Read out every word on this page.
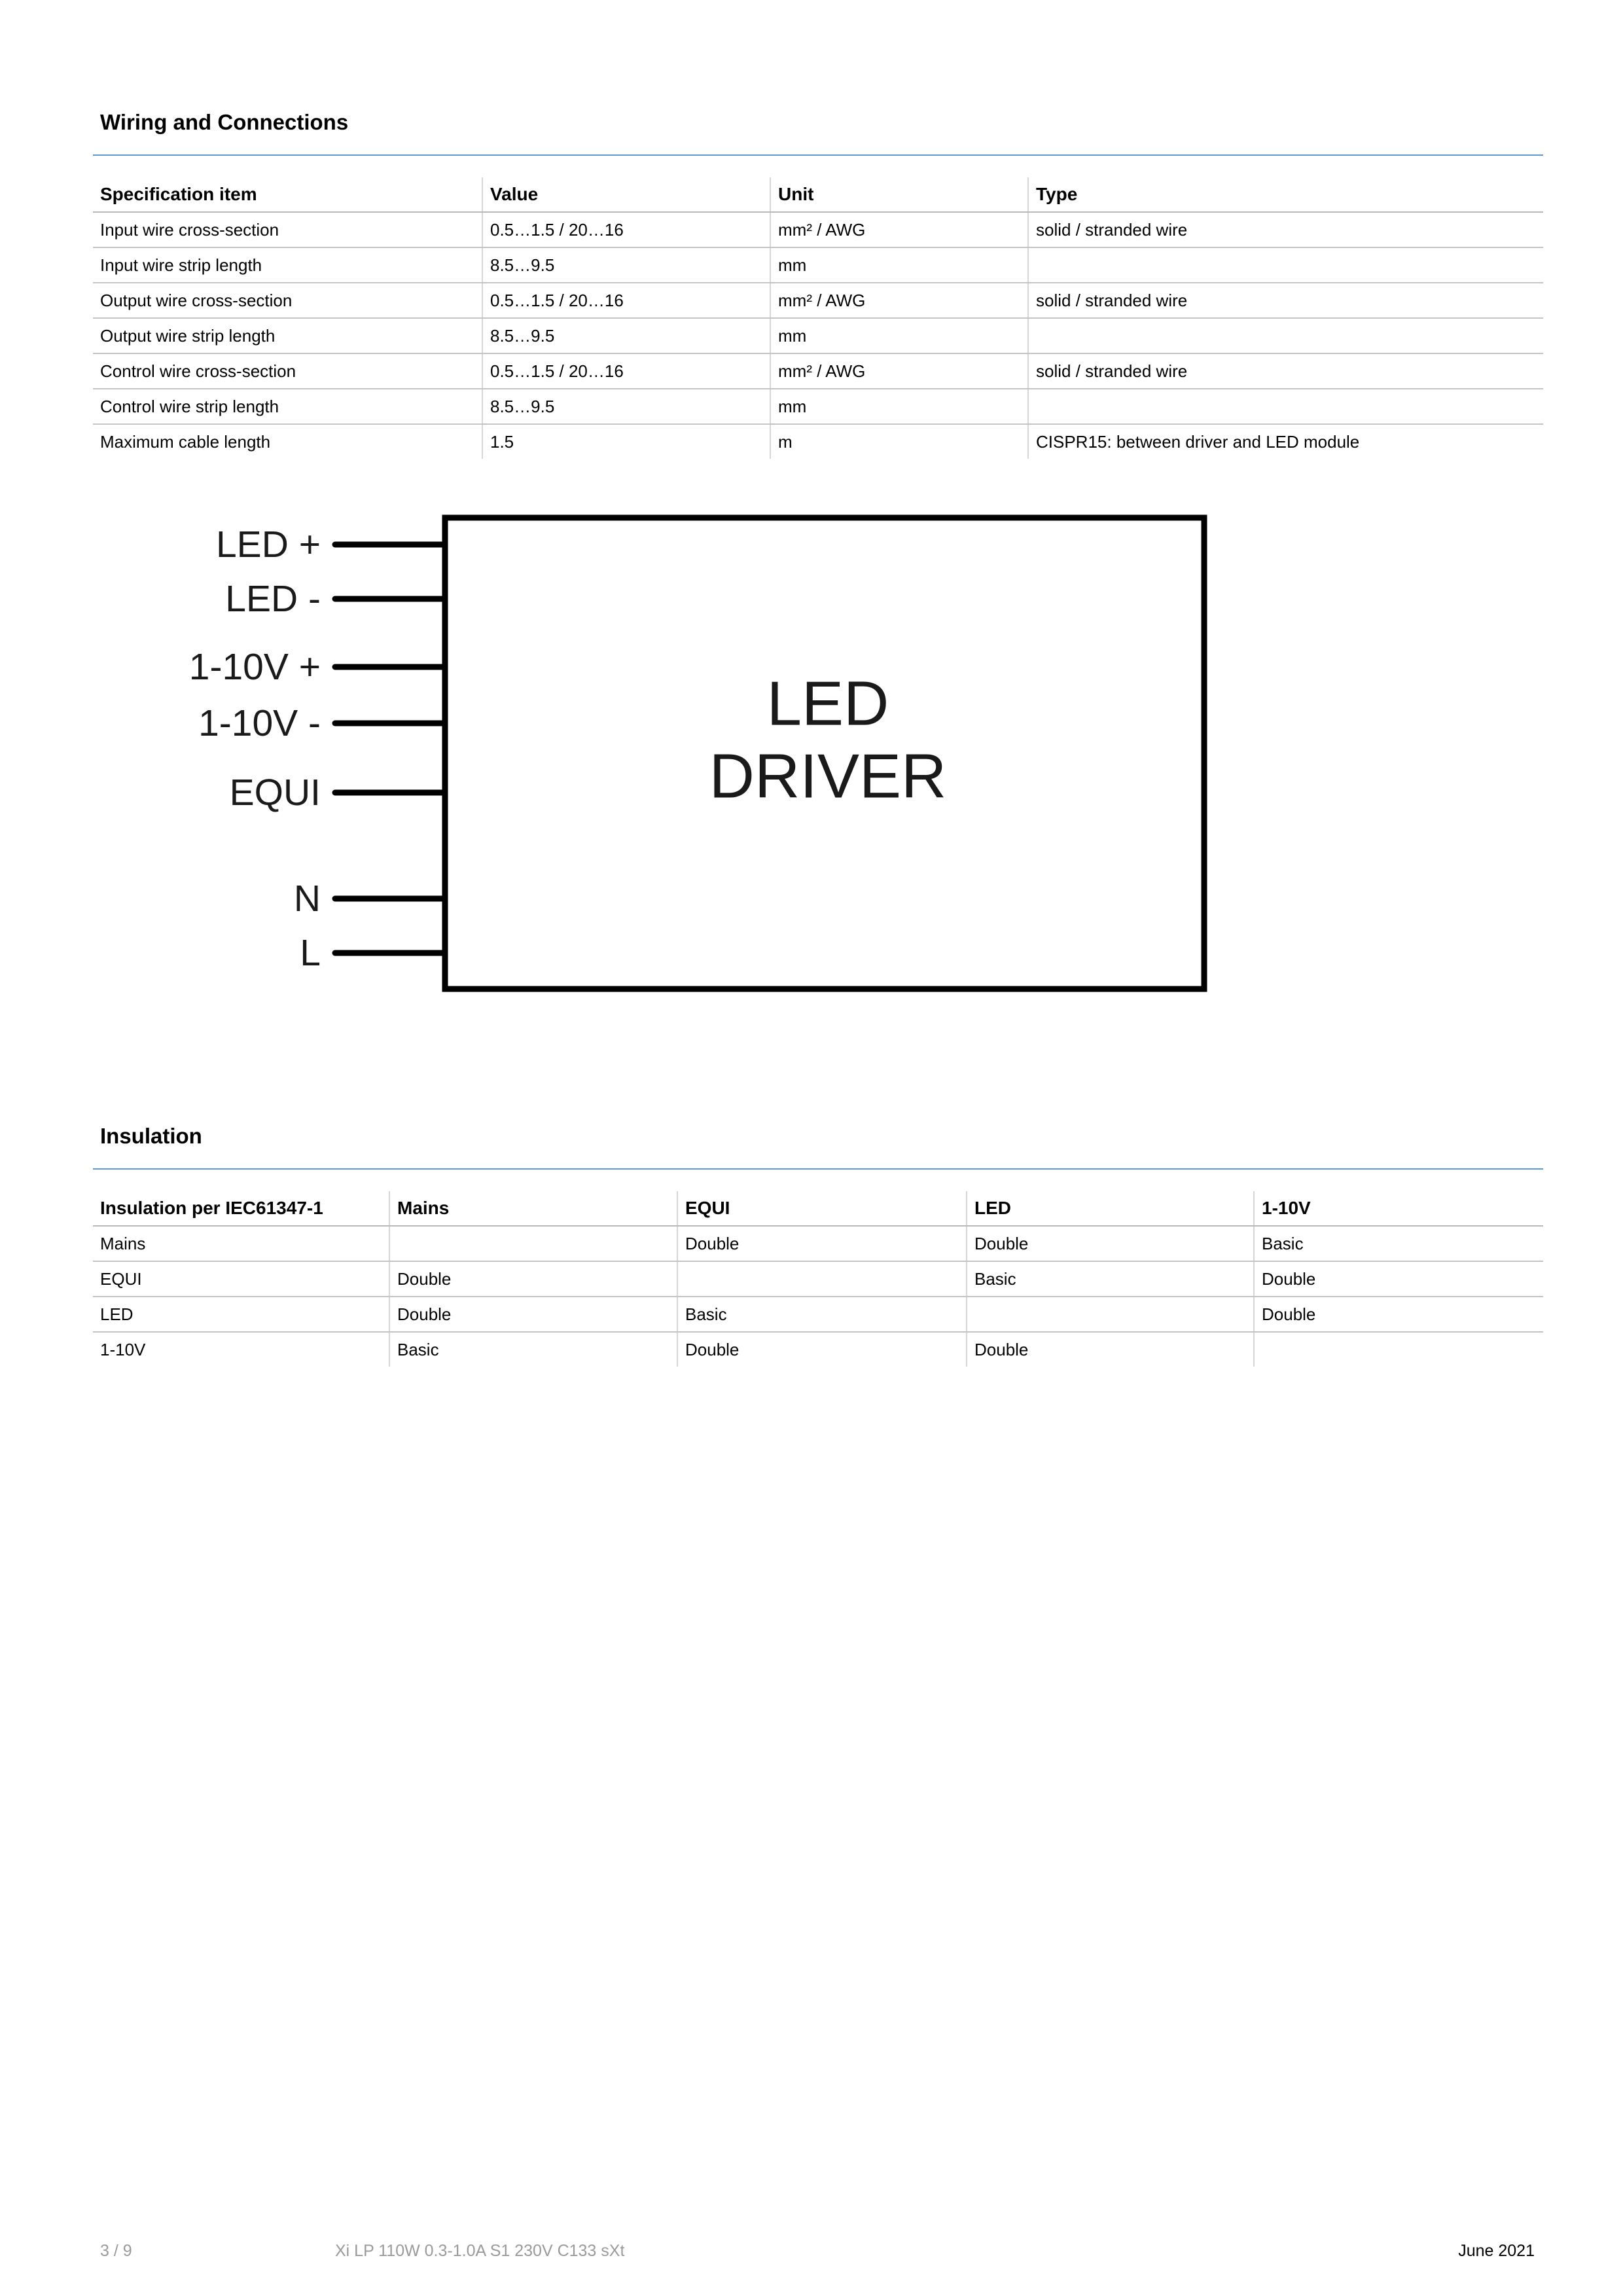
Wiring and Connections
Specification item	Value	Unit	Type
Input wire cross-section	0.5…1.5 / 20…16	mm² / AWG	solid / stranded wire
Input wire strip length	8.5…9.5	mm	
Output wire cross-section	0.5…1.5 / 20…16	mm² / AWG	solid / stranded wire
Output wire strip length	8.5…9.5	mm	
Control wire cross-section	0.5…1.5 / 20…16	mm² / AWG	solid / stranded wire
Control wire strip length	8.5…9.5	mm	
Maximum cable length	1.5	m	CISPR15: between driver and LED module
LED +
LED -
1-10V +
1-10V -
EQUI
N
L
LED
DRIVER
Insulation
Insulation per IEC61347-1	Mains	EQUI	LED	1-10V
Mains		Double	Double	Basic
EQUI	Double		Basic	Double
LED	Double	Basic		Double
1-10V	Basic	Double	Double	
3 / 9	Xi LP 110W 0.3-1.0A S1 230V C133 sXt	June 2021
